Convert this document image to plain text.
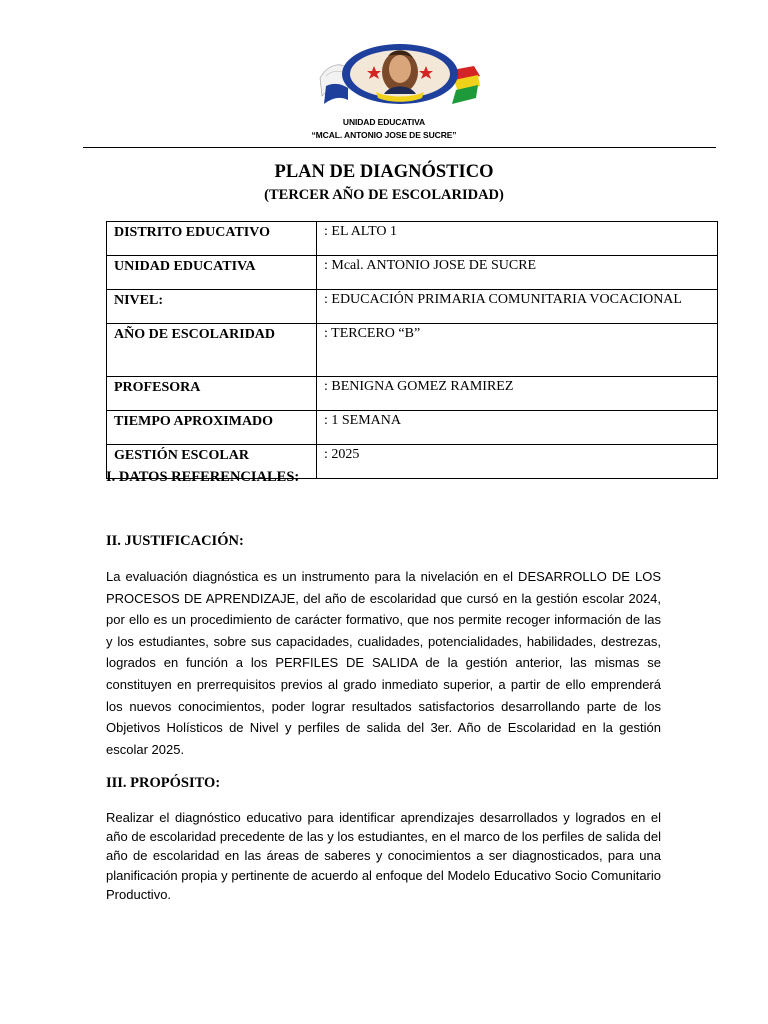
UNIDAD EDUCATIVA
“MCAL. ANTONIO JOSE DE SUCRE”
PLAN DE DIAGNÓSTICO
(TERCER AÑO DE ESCOLARIDAD)
DISTRITO EDUCATIVO	: EL ALTO 1
UNIDAD EDUCATIVA	: Mcal. ANTONIO JOSE DE SUCRE
NIVEL:	: EDUCACIÓN PRIMARIA COMUNITARIA VOCACIONAL
AÑO DE ESCOLARIDAD	: TERCERO “B”
PROFESORA	: BENIGNA GOMEZ RAMIREZ
TIEMPO APROXIMADO	: 1 SEMANA
GESTIÓN ESCOLAR	: 2025
I. DATOS REFERENCIALES:
II. JUSTIFICACIÓN:
La evaluación diagnóstica es un instrumento para la nivelación en el DESARROLLO DE LOS PROCESOS DE APRENDIZAJE, del año de escolaridad que cursó en la gestión escolar 2024, por ello es un procedimiento de carácter formativo, que nos permite recoger información de las y los estudiantes, sobre sus capacidades, cualidades, potencialidades, habilidades, destrezas, logrados en función a los PERFILES DE SALIDA de la gestión anterior, las mismas se constituyen en prerrequisitos previos al grado inmediato superior, a partir de ello emprenderá los nuevos conocimientos, poder lograr resultados satisfactorios desarrollando parte de los Objetivos Holísticos de Nivel y perfiles de salida del 3er. Año de Escolaridad en la gestión escolar 2025.
III. PROPÓSITO:
Realizar el diagnóstico educativo para identificar aprendizajes desarrollados y logrados en el año de escolaridad precedente de las y los estudiantes, en el marco de los perfiles de salida del año de escolaridad en las áreas de saberes y conocimientos a ser diagnosticados, para una planificación propia y pertinente de acuerdo al enfoque del Modelo Educativo Socio Comunitario Productivo.
